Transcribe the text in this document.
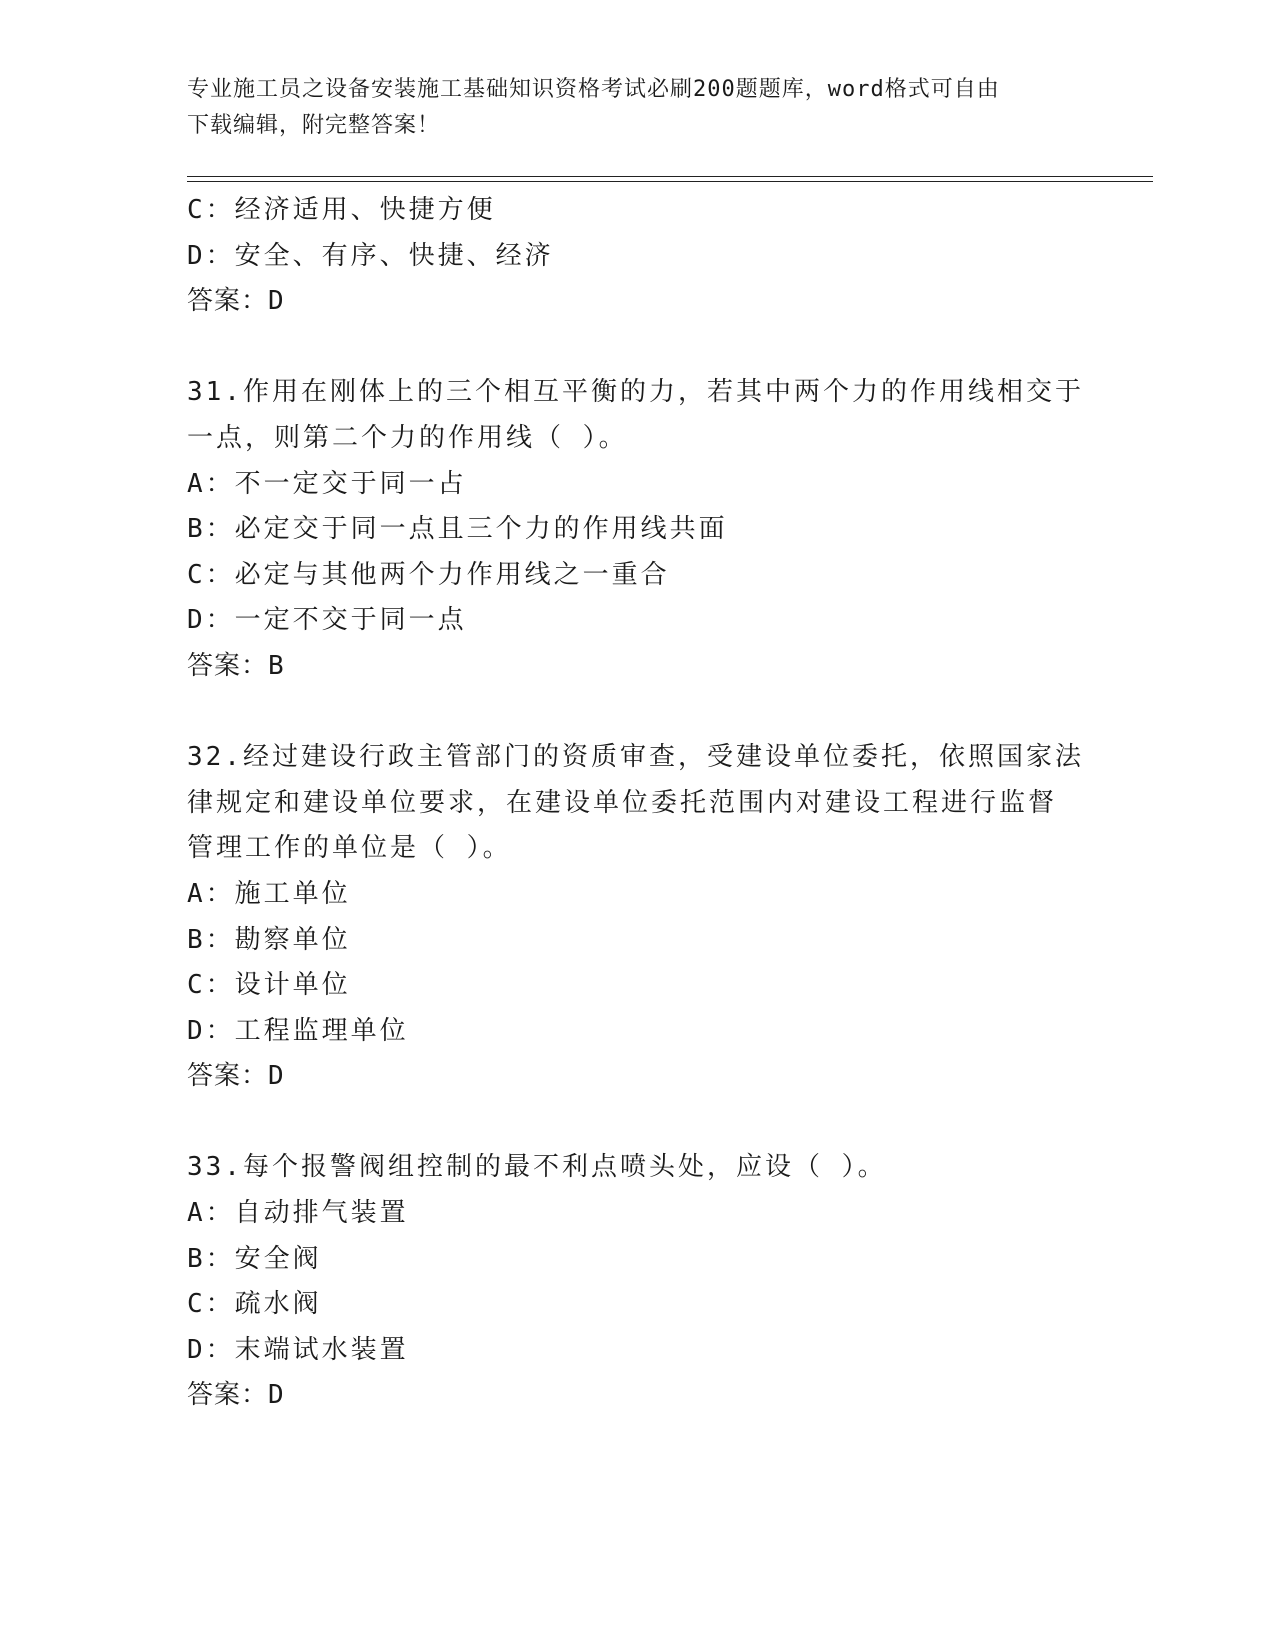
专业施工员之设备安装施工基础知识资格考试必刷200题题库，word格式可自由
下载编辑，附完整答案！
C：经济适用、快捷方便
D：安全、有序、快捷、经济
答案：D
31.作用在刚体上的三个相互平衡的力，若其中两个力的作用线相交于
一点，则第二个力的作用线（ ）。
A：不一定交于同一占
B：必定交于同一点且三个力的作用线共面
C：必定与其他两个力作用线之一重合
D：一定不交于同一点
答案：B
32.经过建设行政主管部门的资质审查，受建设单位委托，依照国家法
律规定和建设单位要求，在建设单位委托范围内对建设工程进行监督
管理工作的单位是（ ）。
A：施工单位
B：勘察单位
C：设计单位
D：工程监理单位
答案：D
33.每个报警阀组控制的最不利点喷头处，应设（ ）。
A：自动排气装置
B：安全阀
C：疏水阀
D：末端试水装置
答案：D
